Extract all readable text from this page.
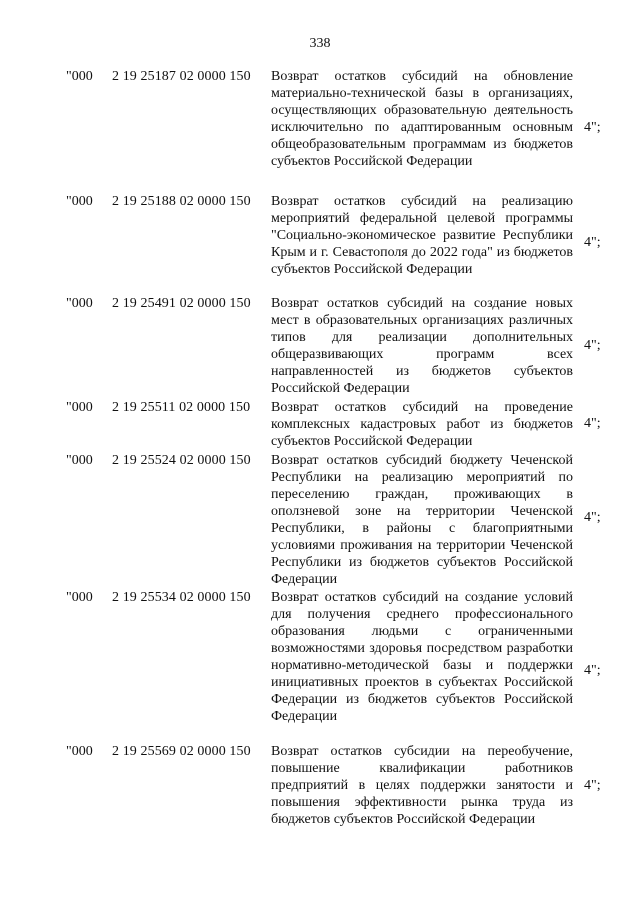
338
"000 2 19 25187 02 0000 150 Возврат остатков субсидий на обновление материально-технической базы в организациях, осуществляющих образовательную деятельность исключительно по адаптированным основным общеобразовательным программам из бюджетов субъектов Российской Федерации
4";
"000 2 19 25188 02 0000 150 Возврат остатков субсидий на реализацию мероприятий федеральной целевой программы "Социально-экономическое развитие Республики Крым и г. Севастополя до 2022 года" из бюджетов субъектов Российской Федерации
4";
"000 2 19 25491 02 0000 150 Возврат остатков субсидий на создание новых мест в образовательных организациях различных типов для реализации дополнительных общеразвивающих программ всех направленностей из бюджетов субъектов Российской Федерации
4";
"000 2 19 25511 02 0000 150 Возврат остатков субсидий на проведение комплексных кадастровых работ из бюджетов субъектов Российской Федерации
4";
"000 2 19 25524 02 0000 150 Возврат остатков субсидий бюджету Чеченской Республики на реализацию мероприятий по переселению граждан, проживающих в оползневой зоне на территории Чеченской Республики, в районы с благоприятными условиями проживания на территории Чеченской Республики из бюджетов субъектов Российской Федерации
4";
"000 2 19 25534 02 0000 150 Возврат остатков субсидий на создание условий для получения среднего профессионального образования людьми с ограниченными возможностями здоровья посредством разработки нормативно-методической базы и поддержки инициативных проектов в субъектах Российской Федерации из бюджетов субъектов Российской Федерации
4";
"000 2 19 25569 02 0000 150 Возврат остатков субсидии на переобучение, повышение квалификации работников предприятий в целях поддержки занятости и повышения эффективности рынка труда из бюджетов субъектов Российской Федерации
4";
